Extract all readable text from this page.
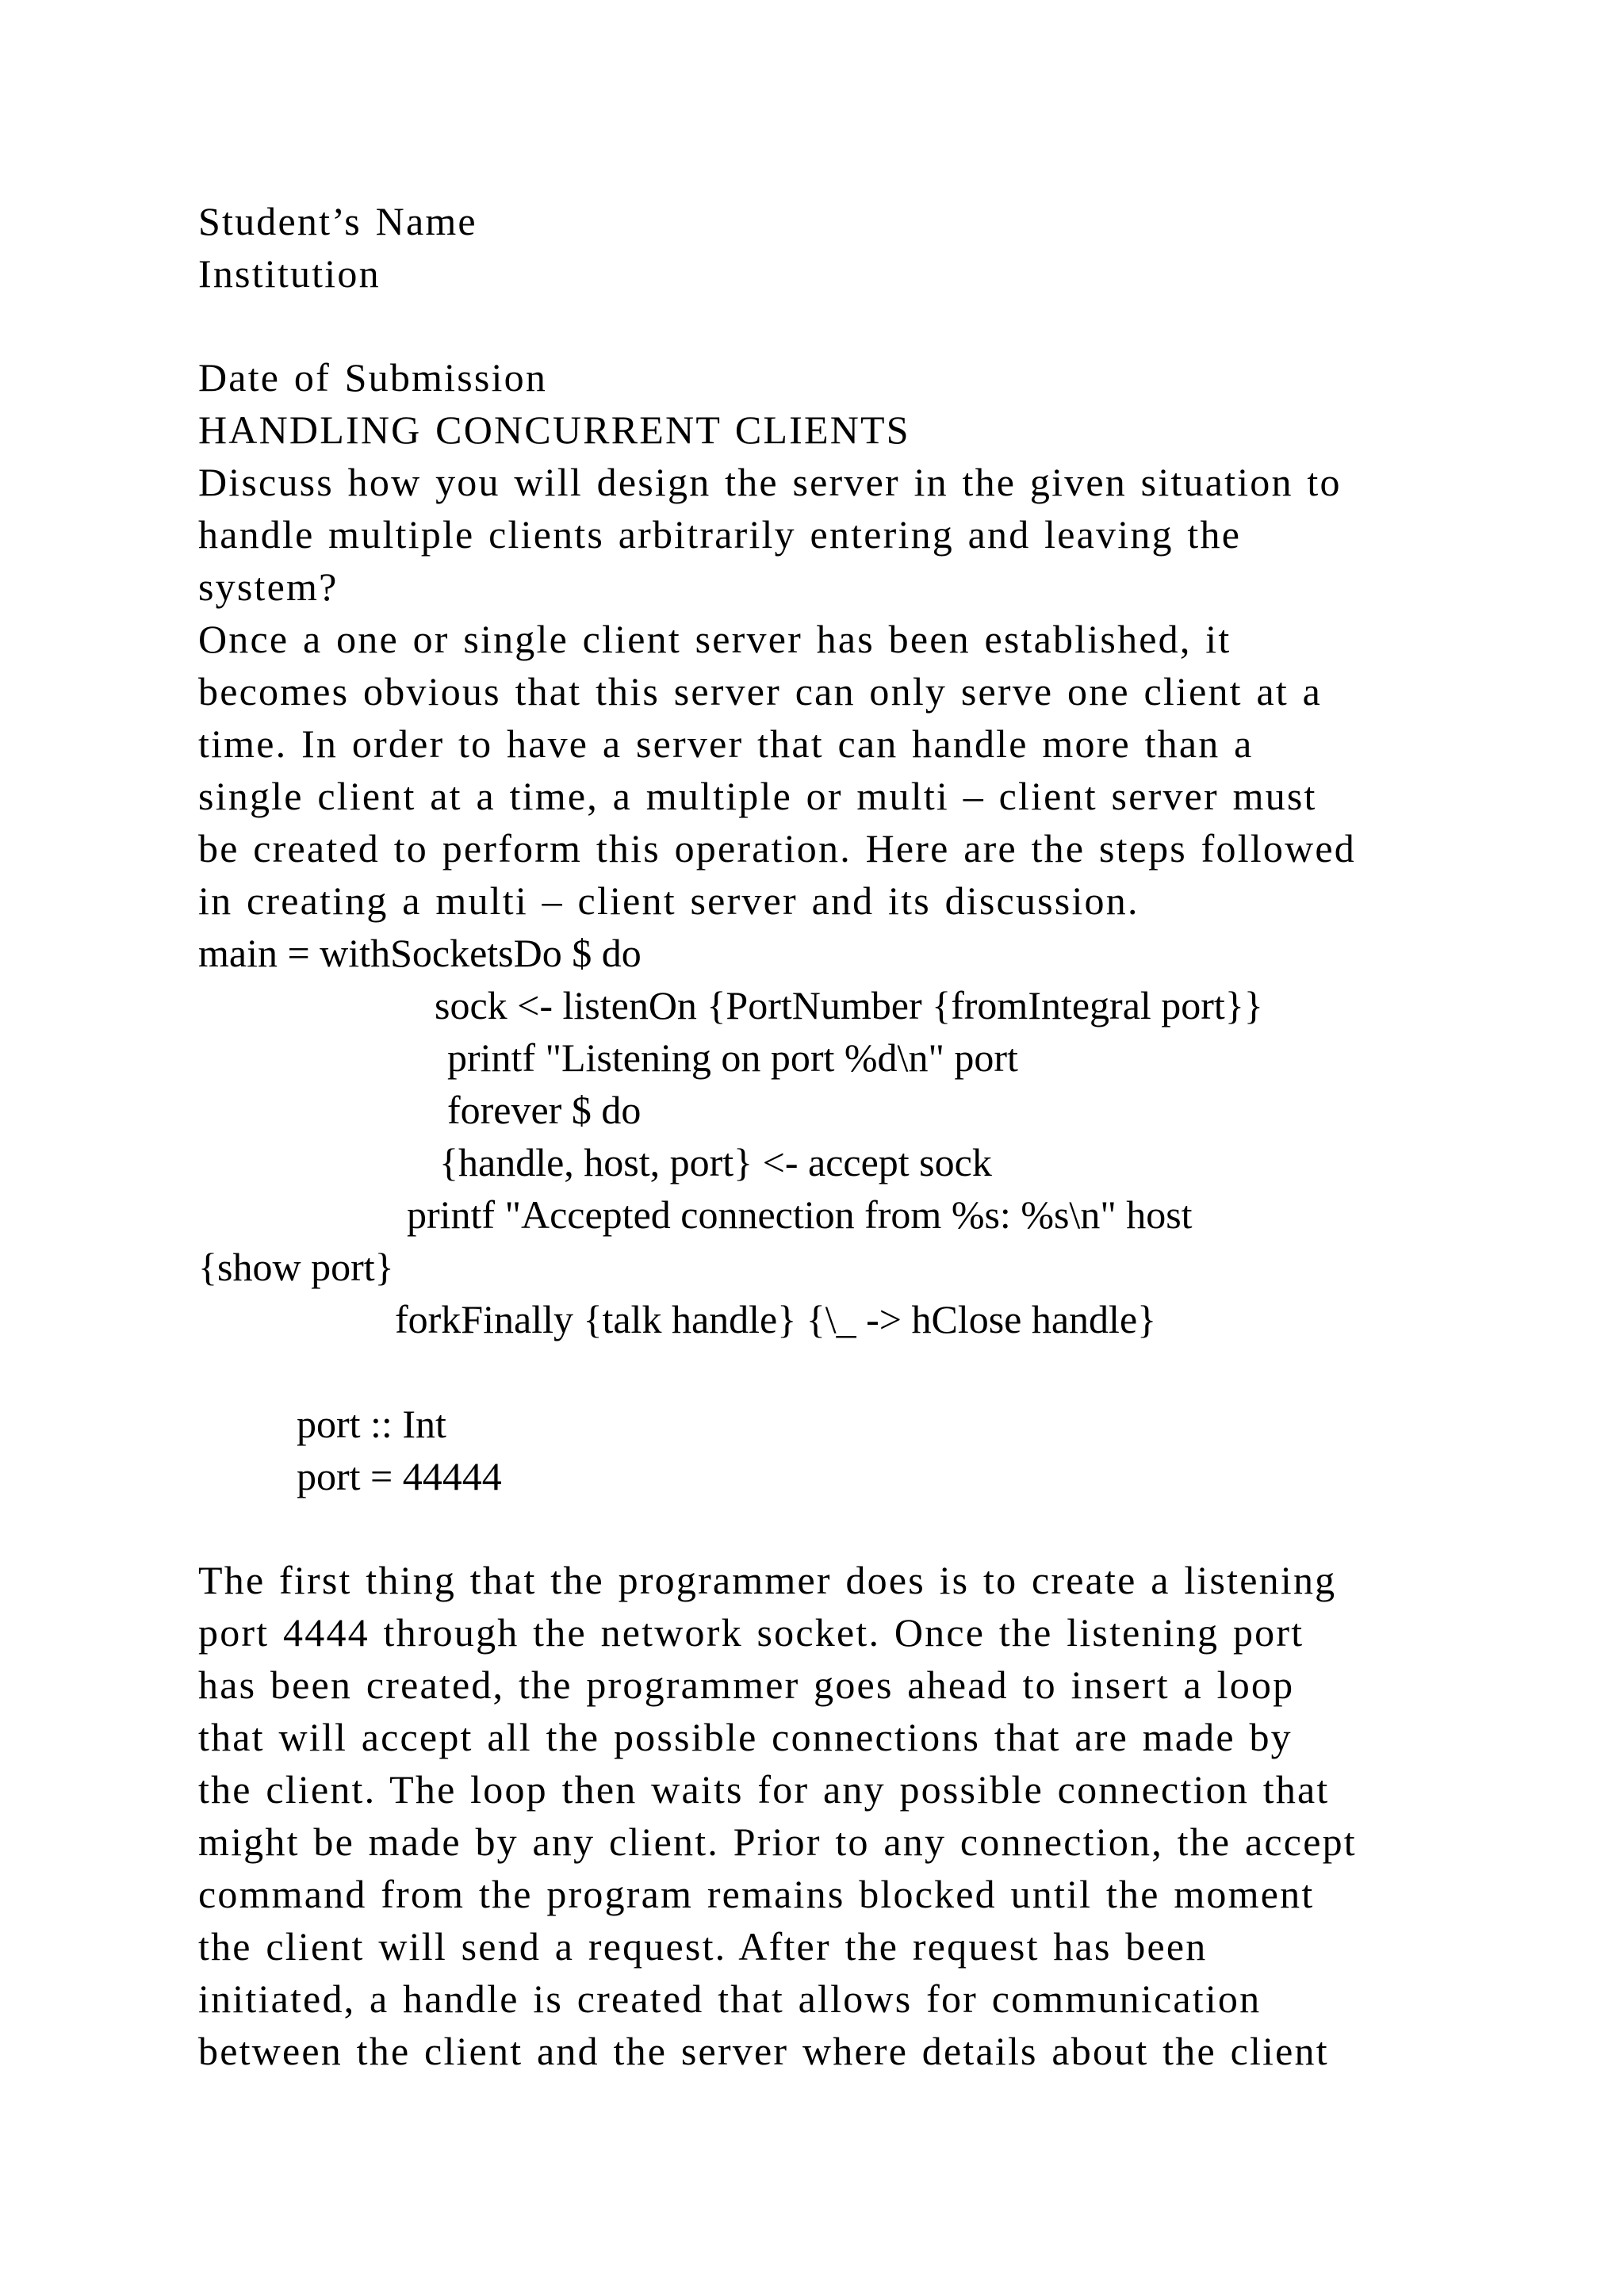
Student’s Name

Institution

Date of Submission

HANDLING CONCURRENT CLIENTS

Discuss how you will design the server in the given situation to

handle multiple clients arbitrarily entering and leaving the

system?

Once a one or single client server has been established, it

becomes obvious that this server can only serve one client at a

time. In order to have a server that can handle more than a

single client at a time, a multiple or multi – client server must

be created to perform this operation. Here are the steps followed

in creating a multi – client server and its discussion.

main = withSocketsDo $ do

sock <- listenOn {PortNumber {fromIntegral port}}

printf "Listening on port %d\n" port

forever $ do

{handle, host, port} <- accept sock

printf "Accepted connection from %s: %s\n" host

{show port}

forkFinally {talk handle} {\_ -> hClose handle}

port :: Int

port = 44444

The first thing that the programmer does is to create a listening

port 4444 through the network socket. Once the listening port

has been created, the programmer goes ahead to insert a loop

that will accept all the possible connections that are made by

the client. The loop then waits for any possible connection that

might be made by any client. Prior to any connection, the accept

command from the program remains blocked until the moment

the client will send a request. After the request has been

initiated, a handle is created that allows for communication

between the client and the server where details about the client
